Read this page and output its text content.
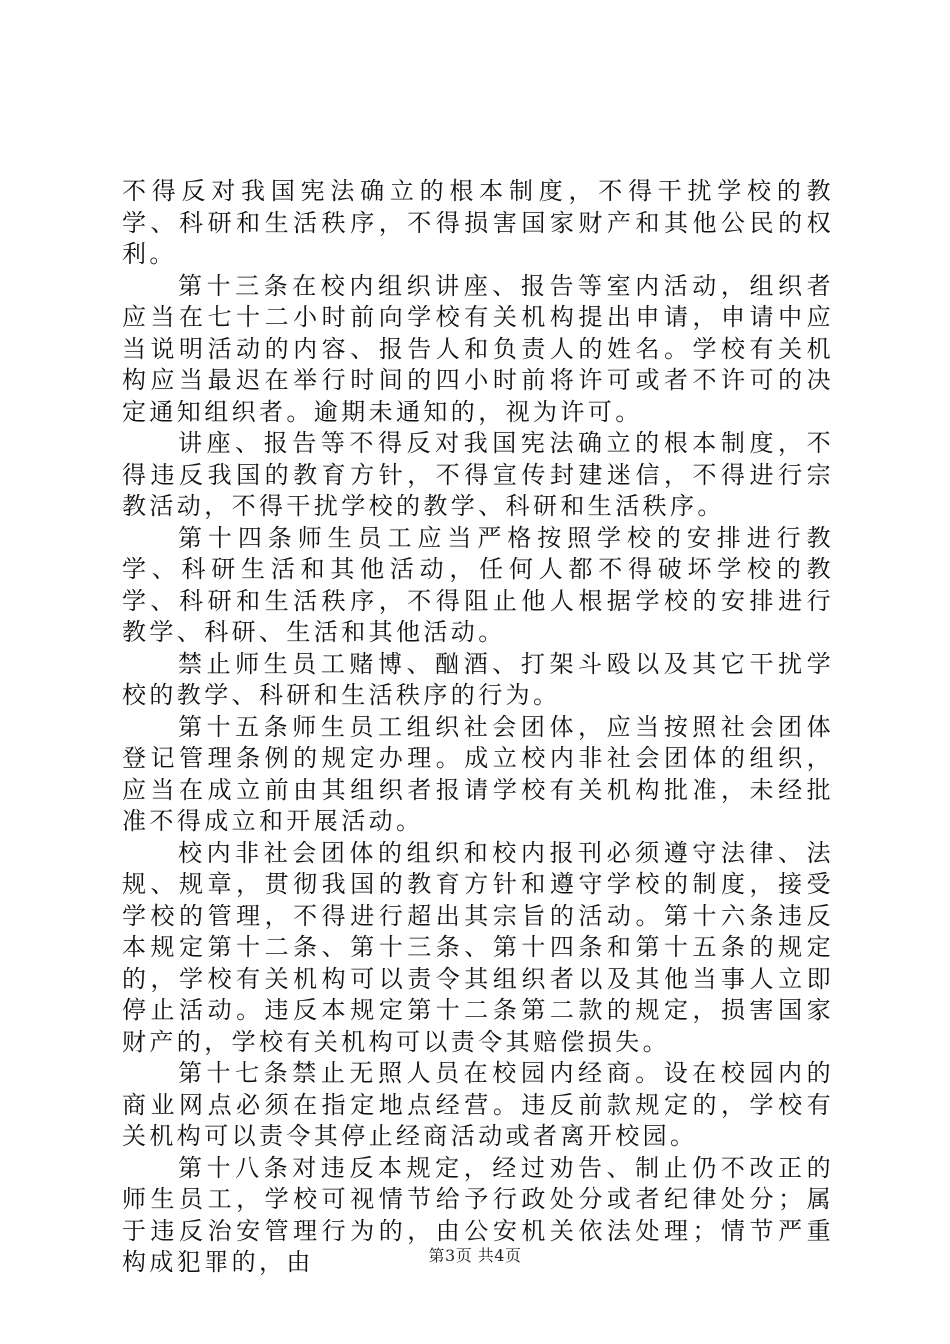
不得反对我国宪法确立的根本制度，不得干扰学校的教学、科研和生活秩序，不得损害国家财产和其他公民的权利。

第十三条在校内组织讲座、报告等室内活动，组织者应当在七十二小时前向学校有关机构提出申请，申请中应当说明活动的内容、报告人和负责人的姓名。学校有关机构应当最迟在举行时间的四小时前将许可或者不许可的决定通知组织者。逾期未通知的，视为许可。

讲座、报告等不得反对我国宪法确立的根本制度，不得违反我国的教育方针，不得宣传封建迷信，不得进行宗教活动，不得干扰学校的教学、科研和生活秩序。

第十四条师生员工应当严格按照学校的安排进行教学、科研生活和其他活动，任何人都不得破坏学校的教学、科研和生活秩序，不得阻止他人根据学校的安排进行教学、科研、生活和其他活动。

禁止师生员工赌博、酗酒、打架斗殴以及其它干扰学校的教学、科研和生活秩序的行为。

第十五条师生员工组织社会团体，应当按照社会团体登记管理条例的规定办理。成立校内非社会团体的组织，应当在成立前由其组织者报请学校有关机构批准，未经批准不得成立和开展活动。

校内非社会团体的组织和校内报刊必须遵守法律、法规、规章，贯彻我国的教育方针和遵守学校的制度，接受学校的管理，不得进行超出其宗旨的活动。第十六条违反本规定第十二条、第十三条、第十四条和第十五条的规定的，学校有关机构可以责令其组织者以及其他当事人立即停止活动。违反本规定第十二条第二款的规定，损害国家财产的，学校有关机构可以责令其赔偿损失。

第十七条禁止无照人员在校园内经商。设在校园内的商业网点必须在指定地点经营。违反前款规定的，学校有关机构可以责令其停止经商活动或者离开校园。

第十八条对违反本规定，经过劝告、制止仍不改正的师生员工，学校可视情节给予行政处分或者纪律处分；属于违反治安管理行为的，由公安机关依法处理；情节严重构成犯罪的，由	第3页 共4页
